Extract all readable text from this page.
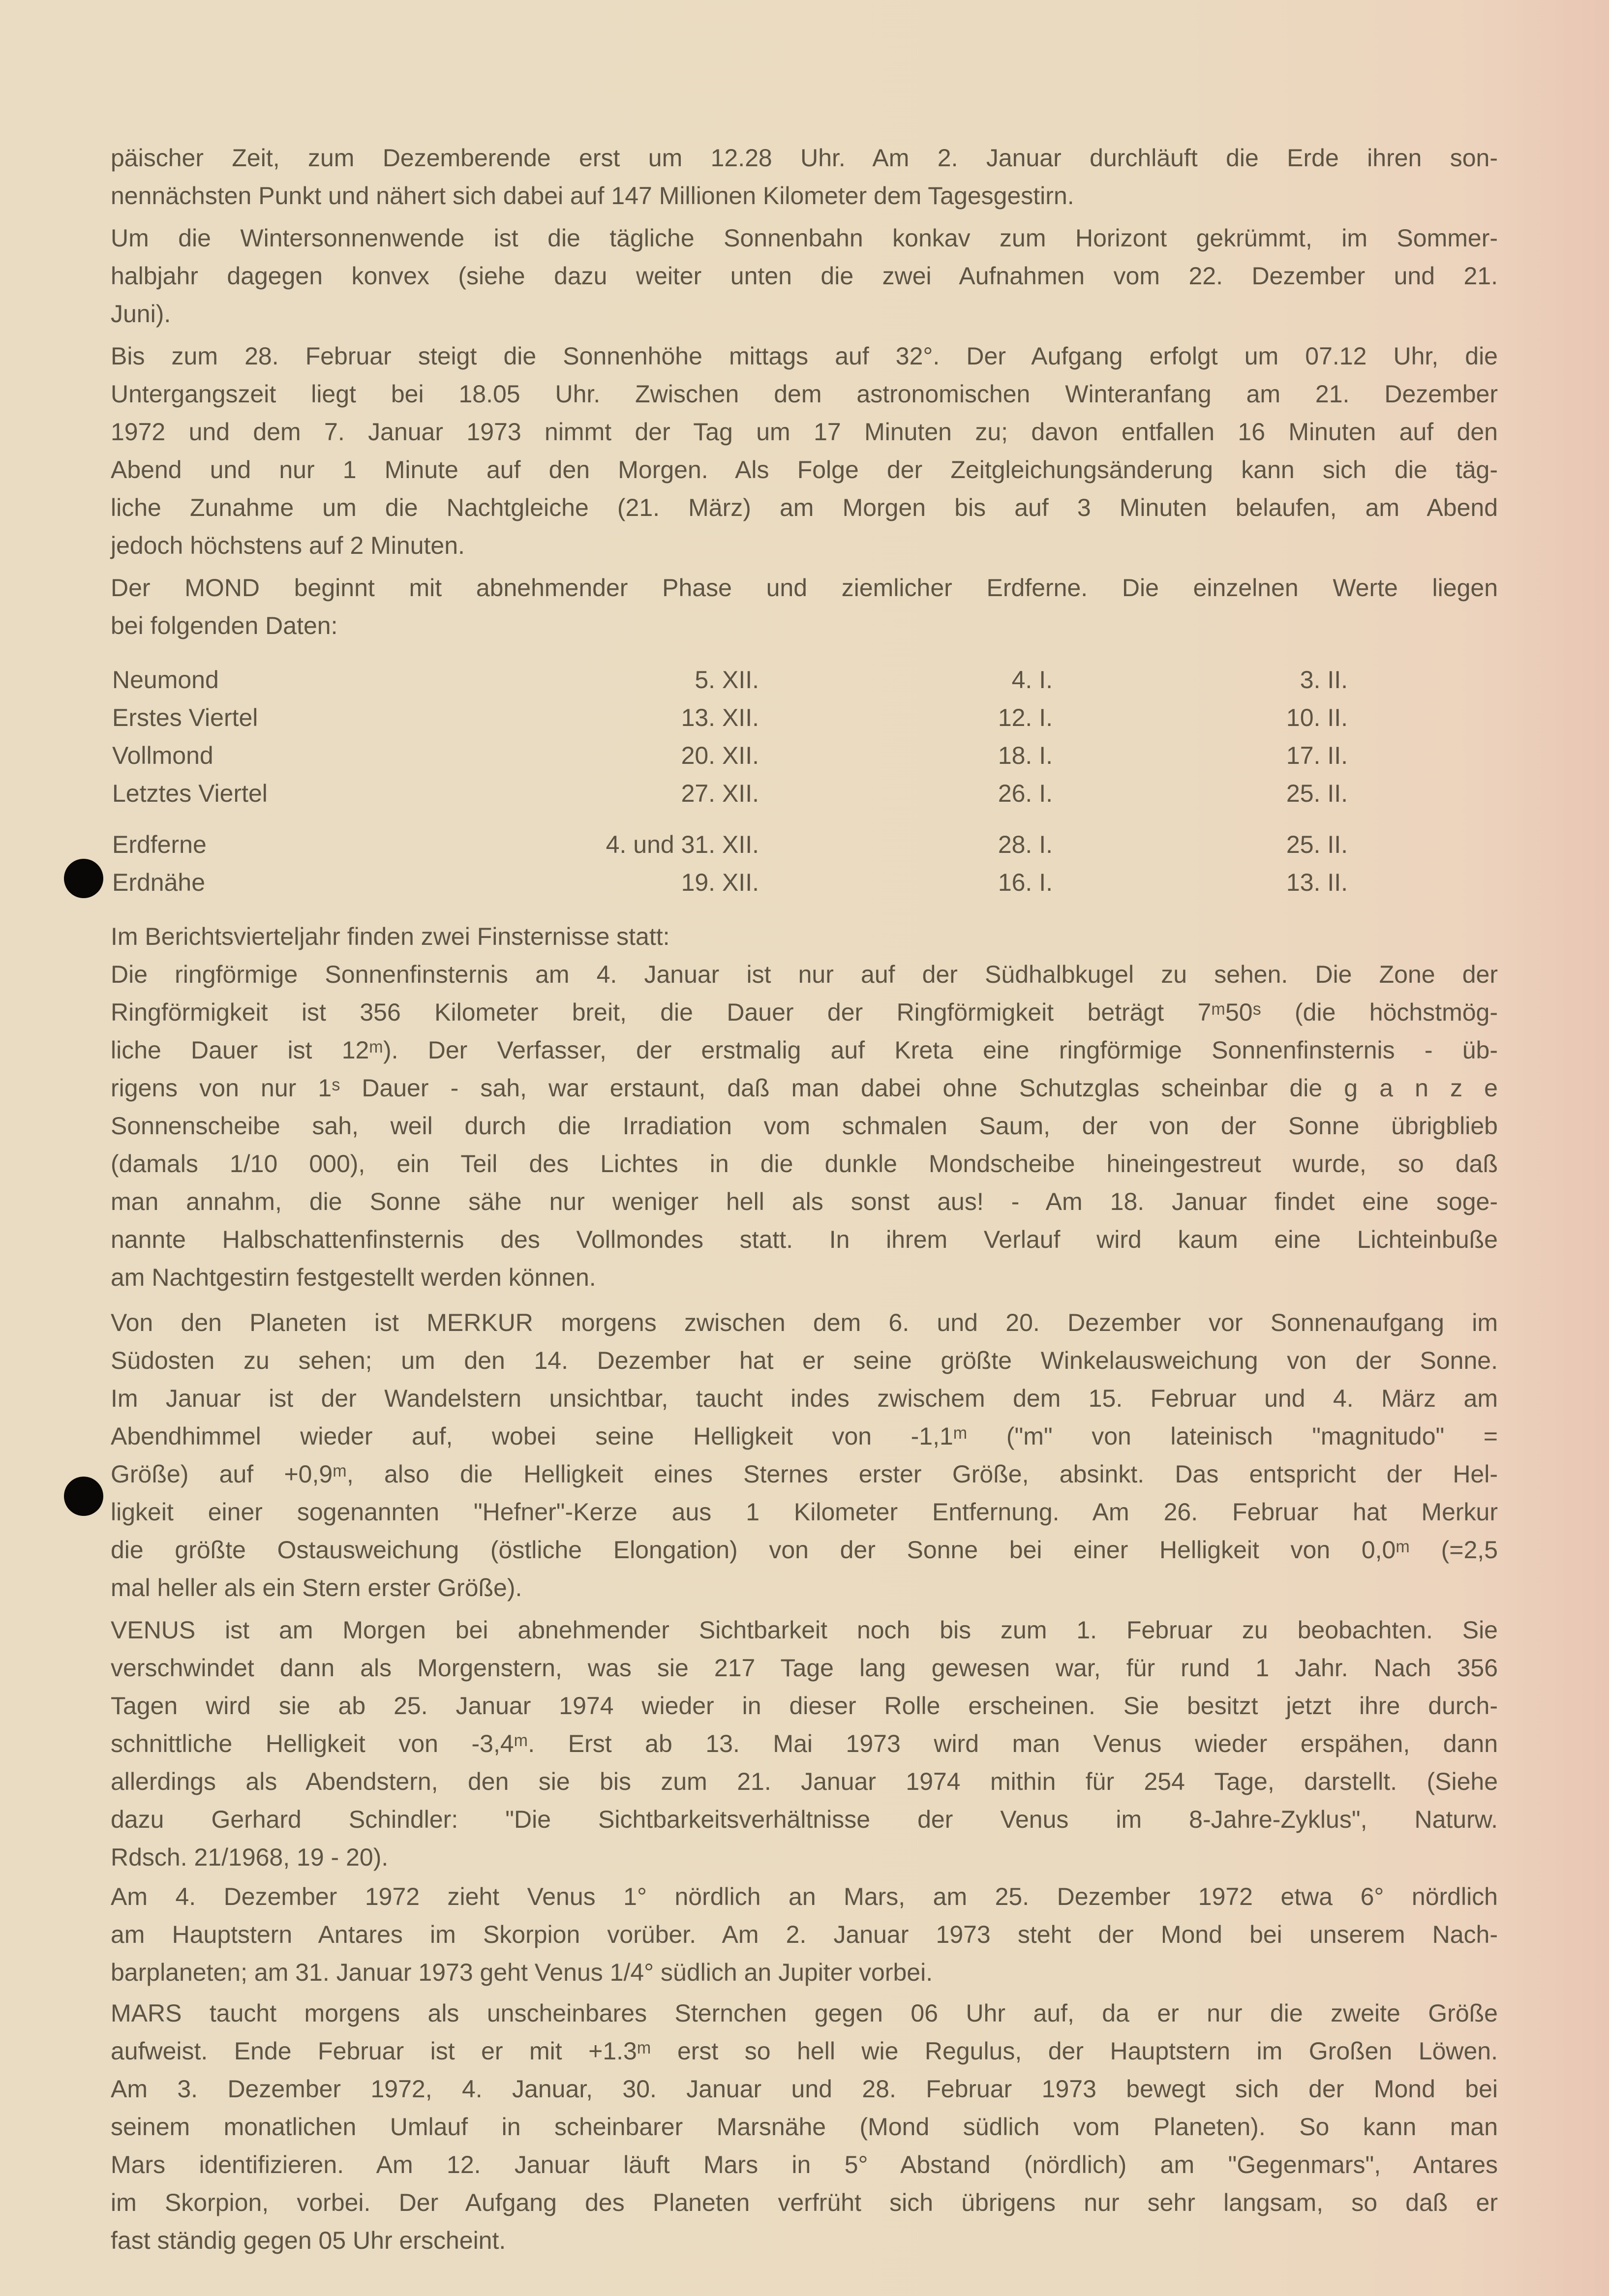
päischer Zeit, zum Dezemberende erst um 12.28 Uhr. Am 2. Januar durchläuft die Erde ihren son-
nennächsten Punkt und nähert sich dabei auf 147 Millionen Kilometer dem Tagesgestirn.
Um die Wintersonnenwende ist die tägliche Sonnenbahn konkav zum Horizont gekrümmt, im Sommer-
halbjahr dagegen konvex (siehe dazu weiter unten die zwei Aufnahmen vom 22. Dezember und 21.
Juni).
Bis zum 28. Februar steigt die Sonnenhöhe mittags auf 32°. Der Aufgang erfolgt um 07.12 Uhr, die
Untergangszeit liegt bei 18.05 Uhr. Zwischen dem astronomischen Winteranfang am 21. Dezember
1972 und dem 7. Januar 1973 nimmt der Tag um 17 Minuten zu; davon entfallen 16 Minuten auf den
Abend und nur 1 Minute auf den Morgen. Als Folge der Zeitgleichungsänderung kann sich die täg-
liche Zunahme um die Nachtgleiche (21. März) am Morgen bis auf 3 Minuten belaufen, am Abend
jedoch höchstens auf 2 Minuten.
Der MOND beginnt mit abnehmender Phase und ziemlicher Erdferne. Die einzelnen Werte liegen
bei folgenden Daten:
Neumond	5. XII.	4. I.	3. II.
Erstes Viertel	13. XII.	12. I.	10. II.
Vollmond	20. XII.	18. I.	17. II.
Letztes Viertel	27. XII.	26. I.	25. II.
Erdferne	4. und 31. XII.	28. I.	25. II.
Erdnähe	19. XII.	16. I.	13. II.
Im Berichtsvierteljahr finden zwei Finsternisse statt:
Die ringförmige Sonnenfinsternis am 4. Januar ist nur auf der Südhalbkugel zu sehen. Die Zone der
Ringförmigkeit ist 356 Kilometer breit, die Dauer der Ringförmigkeit beträgt 7ᵐ50ˢ (die höchstmög-
liche Dauer ist 12ᵐ). Der Verfasser, der erstmalig auf Kreta eine ringförmige Sonnenfinsternis - üb-
rigens von nur 1ˢ Dauer - sah, war erstaunt, daß man dabei ohne Schutzglas scheinbar die g a n z e
Sonnenscheibe sah, weil durch die Irradiation vom schmalen Saum, der von der Sonne übrigblieb
(damals 1/10 000), ein Teil des Lichtes in die dunkle Mondscheibe hineingestreut wurde, so daß
man annahm, die Sonne sähe nur weniger hell als sonst aus! - Am 18. Januar findet eine soge-
nannte Halbschattenfinsternis des Vollmondes statt. In ihrem Verlauf wird kaum eine Lichteinbuße
am Nachtgestirn festgestellt werden können.
Von den Planeten ist MERKUR morgens zwischen dem 6. und 20. Dezember vor Sonnenaufgang im
Südosten zu sehen; um den 14. Dezember hat er seine größte Winkelausweichung von der Sonne.
Im Januar ist der Wandelstern unsichtbar, taucht indes zwischem dem 15. Februar und 4. März am
Abendhimmel wieder auf, wobei seine Helligkeit von -1,1ᵐ ("m" von lateinisch "magnitudo" =
Größe) auf +0,9ᵐ, also die Helligkeit eines Sternes erster Größe, absinkt. Das entspricht der Hel-
ligkeit einer sogenannten "Hefner"-Kerze aus 1 Kilometer Entfernung. Am 26. Februar hat Merkur
die größte Ostausweichung (östliche Elongation) von der Sonne bei einer Helligkeit von 0,0ᵐ (=2,5
mal heller als ein Stern erster Größe).
VENUS ist am Morgen bei abnehmender Sichtbarkeit noch bis zum 1. Februar zu beobachten. Sie
verschwindet dann als Morgenstern, was sie 217 Tage lang gewesen war, für rund 1 Jahr. Nach 356
Tagen wird sie ab 25. Januar 1974 wieder in dieser Rolle erscheinen. Sie besitzt jetzt ihre durch-
schnittliche Helligkeit von -3,4ᵐ. Erst ab 13. Mai 1973 wird man Venus wieder erspähen, dann
allerdings als Abendstern, den sie bis zum 21. Januar 1974 mithin für 254 Tage, darstellt. (Siehe
dazu Gerhard Schindler: "Die Sichtbarkeitsverhältnisse der Venus im 8-Jahre-Zyklus", Naturw.
Rdsch. 21/1968, 19 - 20).
Am 4. Dezember 1972 zieht Venus 1° nördlich an Mars, am 25. Dezember 1972 etwa 6° nördlich
am Hauptstern Antares im Skorpion vorüber. Am 2. Januar 1973 steht der Mond bei unserem Nach-
barplaneten; am 31. Januar 1973 geht Venus 1/4° südlich an Jupiter vorbei.
MARS taucht morgens als unscheinbares Sternchen gegen 06 Uhr auf, da er nur die zweite Größe
aufweist. Ende Februar ist er mit +1.3ᵐ erst so hell wie Regulus, der Hauptstern im Großen Löwen.
Am 3. Dezember 1972, 4. Januar, 30. Januar und 28. Februar 1973 bewegt sich der Mond bei
seinem monatlichen Umlauf in scheinbarer Marsnähe (Mond südlich vom Planeten). So kann man
Mars identifizieren. Am 12. Januar läuft Mars in 5° Abstand (nördlich) am "Gegenmars", Antares
im Skorpion, vorbei. Der Aufgang des Planeten verfrüht sich übrigens nur sehr langsam, so daß er
fast ständig gegen 05 Uhr erscheint.
